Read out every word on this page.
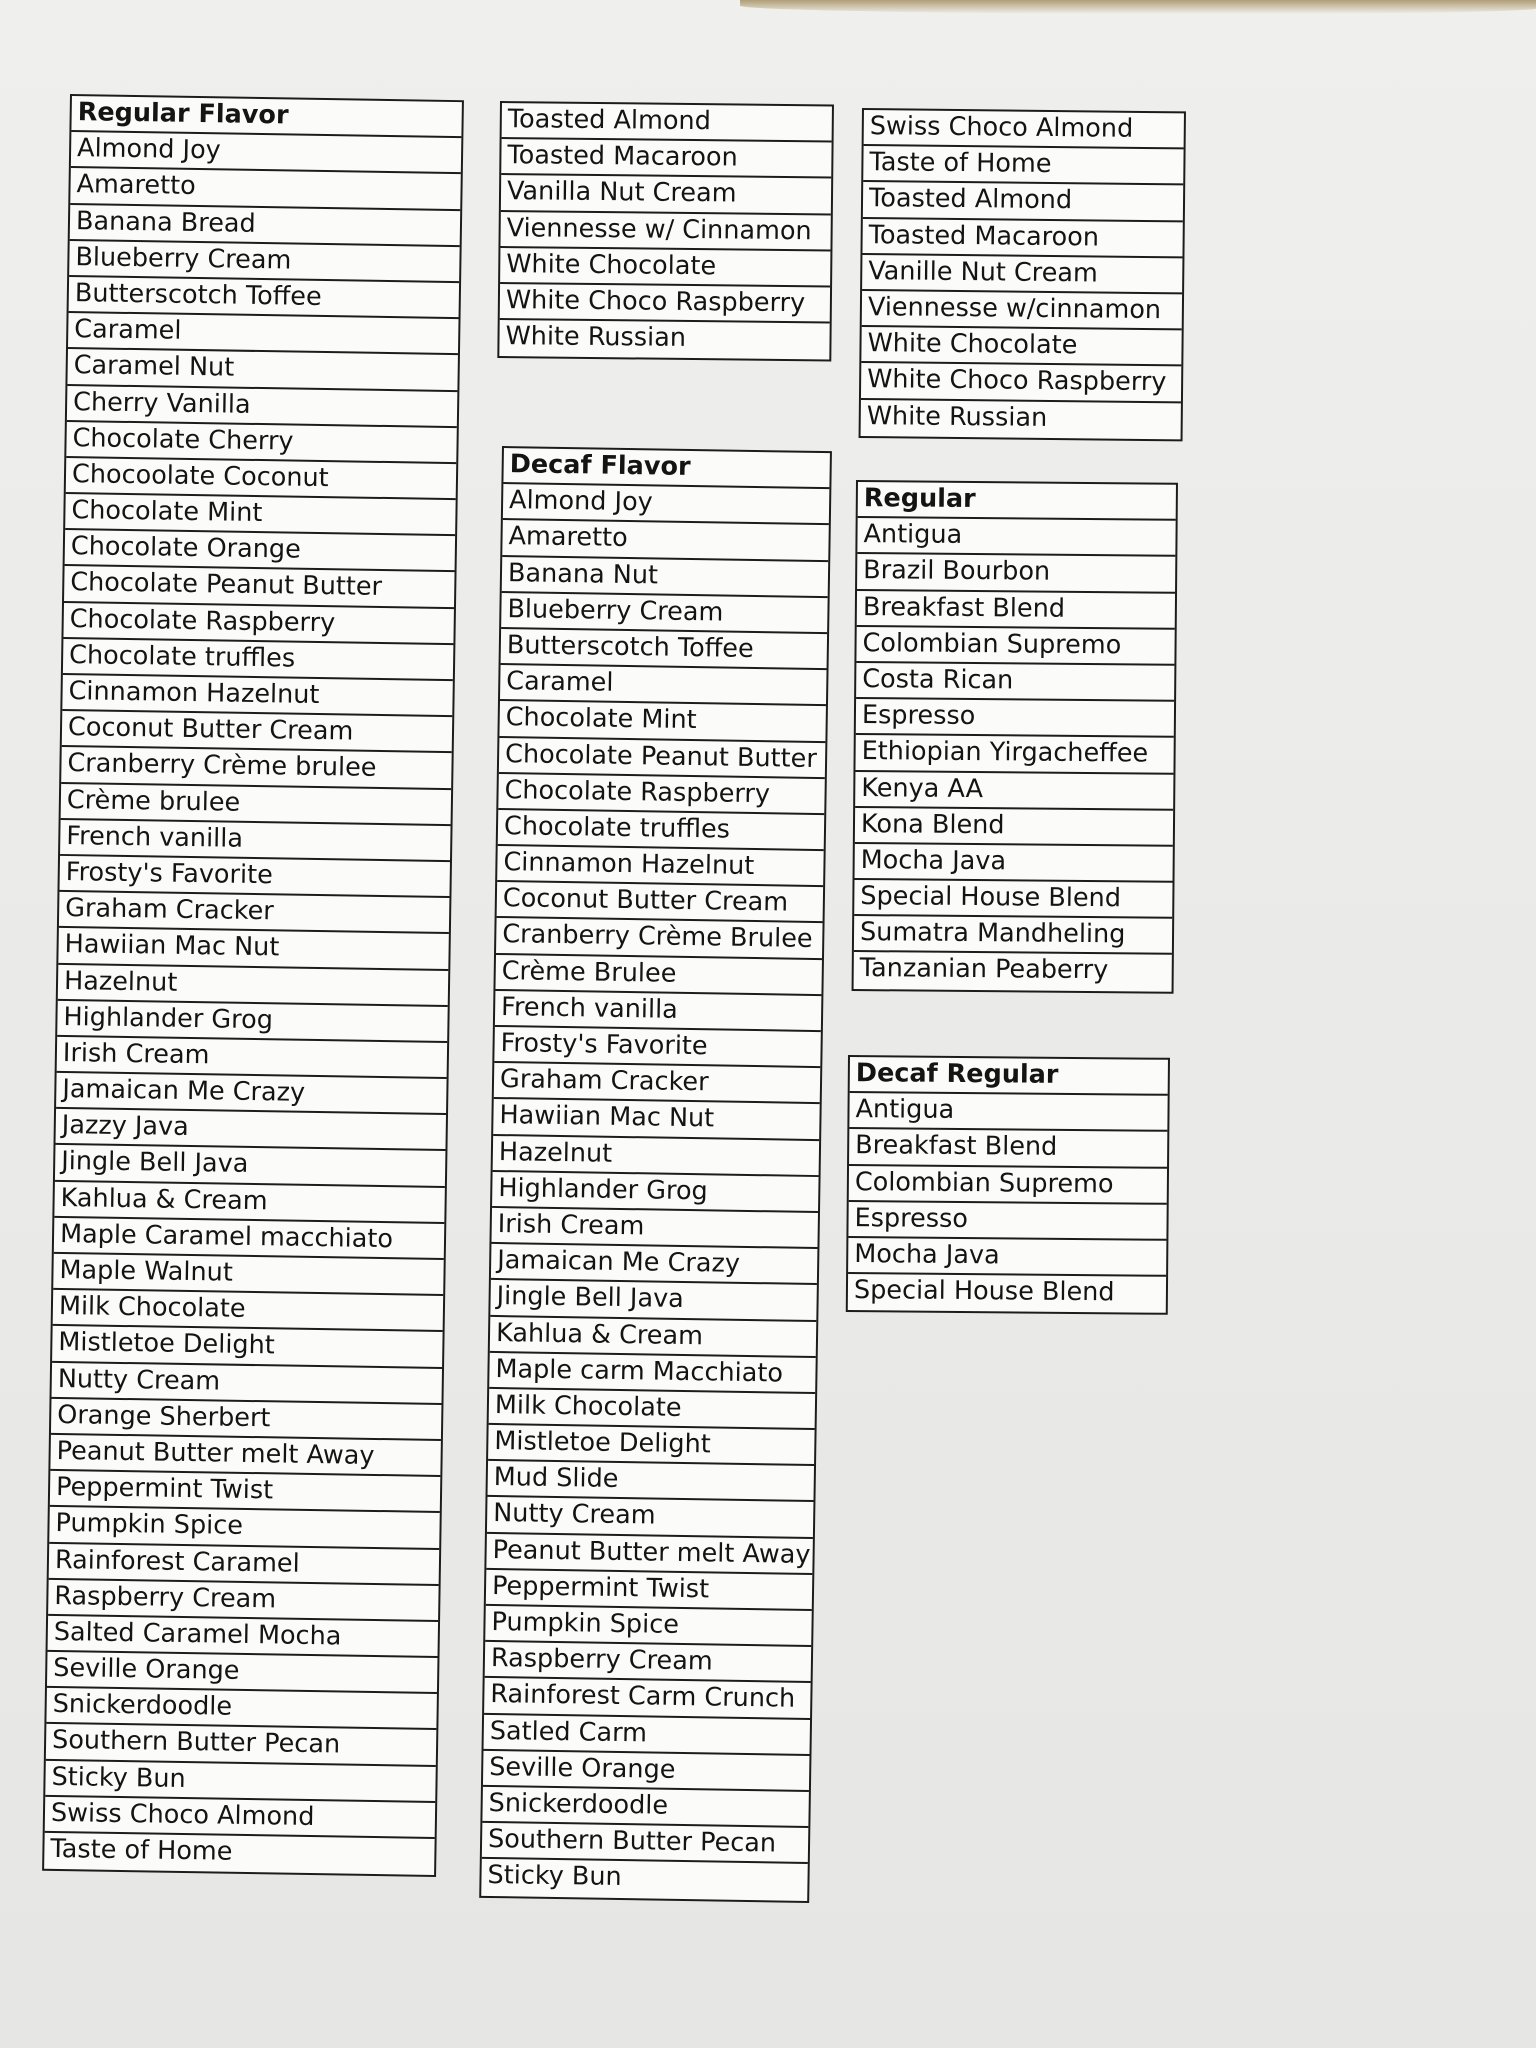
Regular Flavor
Almond Joy
Amaretto
Banana Bread
Blueberry Cream
Butterscotch Toffee
Caramel
Caramel Nut
Cherry Vanilla
Chocolate Cherry
Chocoolate Coconut
Chocolate Mint
Chocolate Orange
Chocolate Peanut Butter
Chocolate Raspberry
Chocolate truffles
Cinnamon Hazelnut
Coconut Butter Cream
Cranberry Crème brulee
Crème brulee
French vanilla
Frosty's Favorite
Graham Cracker
Hawiian Mac Nut
Hazelnut
Highlander Grog
Irish Cream
Jamaican Me Crazy
Jazzy Java
Jingle Bell Java
Kahlua & Cream
Maple Caramel macchiato
Maple Walnut
Milk Chocolate
Mistletoe Delight
Nutty Cream
Orange Sherbert
Peanut Butter melt Away
Peppermint Twist
Pumpkin Spice
Rainforest Caramel
Raspberry Cream
Salted Caramel Mocha
Seville Orange
Snickerdoodle
Southern Butter Pecan
Sticky Bun
Swiss Choco Almond
Taste of Home
Toasted Almond
Toasted Macaroon
Vanilla Nut Cream
Viennesse w/ Cinnamon
White Chocolate
White Choco Raspberry
White Russian
Decaf Flavor
Almond Joy
Amaretto
Banana Nut
Blueberry Cream
Butterscotch Toffee
Caramel
Chocolate Mint
Chocolate Peanut Butter
Chocolate Raspberry
Chocolate truffles
Cinnamon Hazelnut
Coconut Butter Cream
Cranberry Crème Brulee
Crème Brulee
French vanilla
Frosty's Favorite
Graham Cracker
Hawiian Mac Nut
Hazelnut
Highlander Grog
Irish Cream
Jamaican Me Crazy
Jingle Bell Java
Kahlua & Cream
Maple carm Macchiato
Milk Chocolate
Mistletoe Delight
Mud Slide
Nutty Cream
Peanut Butter melt Away
Peppermint Twist
Pumpkin Spice
Raspberry Cream
Rainforest Carm Crunch
Satled Carm
Seville Orange
Snickerdoodle
Southern Butter Pecan
Sticky Bun
Swiss Choco Almond
Taste of Home
Toasted Almond
Toasted Macaroon
Vanille Nut Cream
Viennesse w/cinnamon
White Chocolate
White Choco Raspberry
White Russian
Regular
Antigua
Brazil Bourbon
Breakfast Blend
Colombian Supremo
Costa Rican
Espresso
Ethiopian Yirgacheffee
Kenya AA
Kona Blend
Mocha Java
Special House Blend
Sumatra Mandheling
Tanzanian Peaberry
Decaf Regular
Antigua
Breakfast Blend
Colombian Supremo
Espresso
Mocha Java
Special House Blend
